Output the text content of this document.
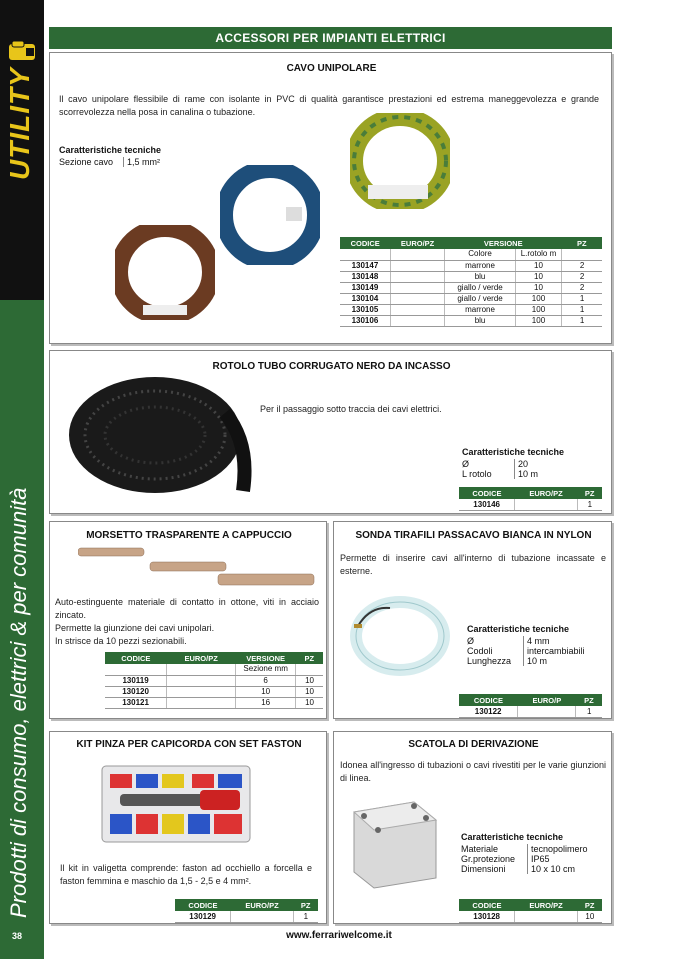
UTILITY
Prodotti di consumo, elettrici & per comunità
38
ACCESSORI PER IMPIANTI ELETTRICI
CAVO UNIPOLARE
Il cavo unipolare flessibile di rame con isolante in PVC di qualità garantisce prestazioni ed estrema maneggevolezza e grande scorrevolezza nella posa in canalina o tubazione.
Caratteristiche tecniche
Sezione cavo	1,5 mm²
CODICE	EURO/PZ	VERSIONE		PZ
		Colore	L.rotolo m	
130147		marrone	10	2
130148		blu	10	2
130149		giallo / verde	10	2
130104		giallo / verde	100	1
130105		marrone	100	1
130106		blu	100	1
ROTOLO TUBO CORRUGATO NERO DA INCASSO
Per il passaggio sotto traccia dei cavi elettrici.
Caratteristiche tecniche
Ø	20
L rotolo	10 m
CODICE	EURO/PZ	PZ
130146		1
MORSETTO TRASPARENTE A CAPPUCCIO
Auto-estinguente materiale di contatto in ottone, viti in acciaio zincato.
Permette la giunzione dei cavi unipolari.
In strisce da 10 pezzi sezionabili.
CODICE	EURO/PZ	VERSIONE	PZ
		Sezione mm	
130119		6	10
130120		10	10
130121		16	10
SONDA TIRAFILI PASSACAVO BIANCA IN NYLON
Permette di inserire cavi all'interno di tubazione incassate e esterne.
Caratteristiche tecniche
Ø	4 mm
Codoli	intercambiabili
Lunghezza	10 m
CODICE	EURO/P	PZ
130122		1
KIT PINZA PER CAPICORDA CON SET FASTON
Il kit in valigetta comprende: faston ad occhiello a forcella e faston femmina e maschio da 1,5 - 2,5 e 4 mm².
CODICE	EURO/PZ	PZ
130129		1
SCATOLA DI DERIVAZIONE
Idonea all'ingresso di tubazioni o cavi rivestiti per le varie giunzioni di linea.
Caratteristiche tecniche
Materiale	tecnopolimero
Gr.protezione	IP65
Dimensioni	10 x 10 cm
CODICE	EURO/PZ	PZ
130128		10
www.ferrariwelcome.it
